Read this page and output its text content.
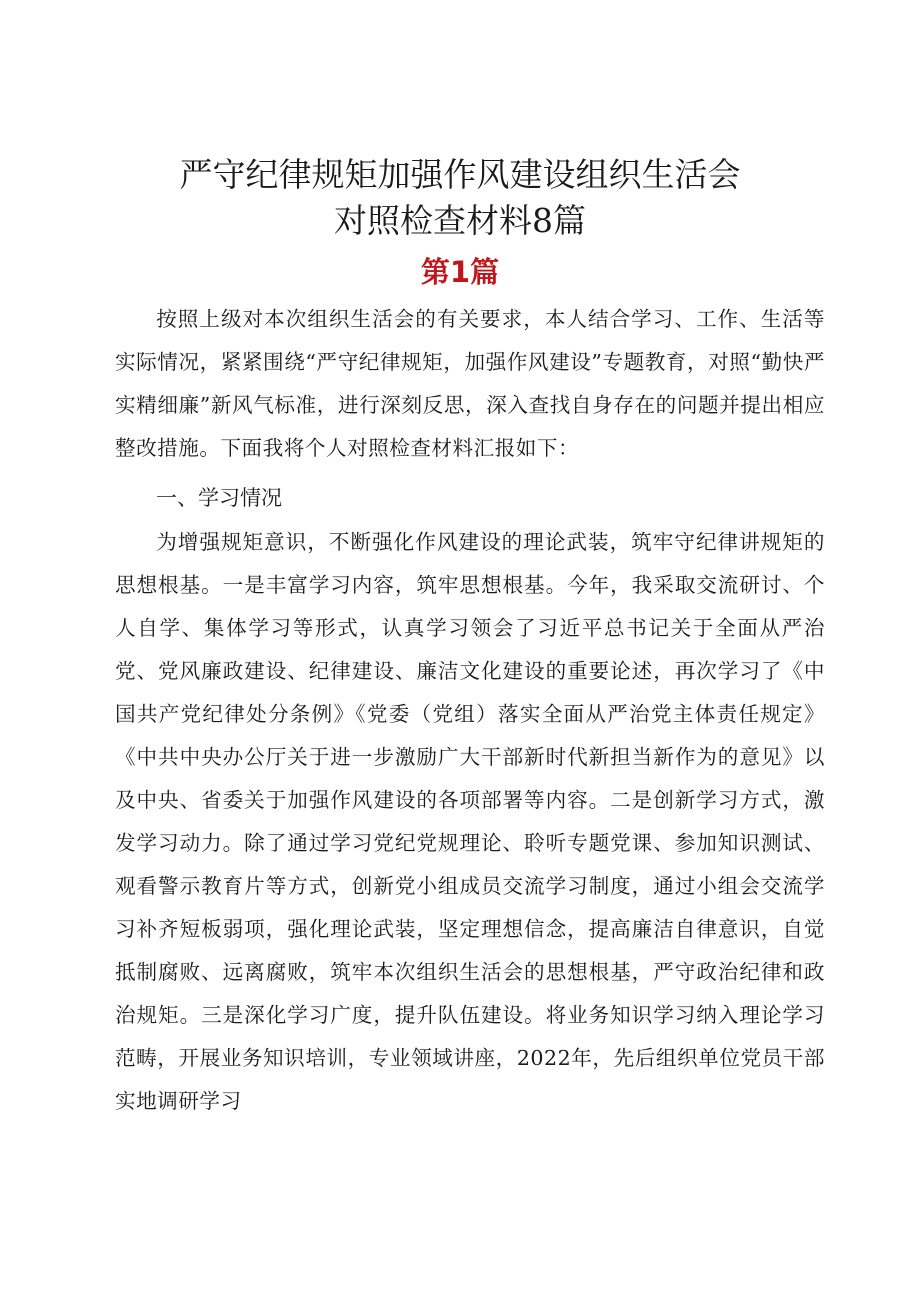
严守纪律规矩加强作风建设组织生活会
对照检查材料8篇
第1篇

按照上级对本次组织生活会的有关要求，本人结合学习、工作、生活等实际情况，紧紧围绕“严守纪律规矩，加强作风建设”专题教育，对照“勤快严实精细廉”新风气标准，进行深刻反思，深入查找自身存在的问题并提出相应整改措施。下面我将个人对照检查材料汇报如下：

一、学习情况

为增强规矩意识，不断强化作风建设的理论武装，筑牢守纪律讲规矩的思想根基。一是丰富学习内容，筑牢思想根基。今年，我采取交流研讨、个人自学、集体学习等形式，认真学习领会了习近平总书记关于全面从严治党、党风廉政建设、纪律建设、廉洁文化建设的重要论述，再次学习了《中国共产党纪律处分条例》《党委（党组）落实全面从严治党主体责任规定》《中共中央办公厅关于进一步激励广大干部新时代新担当新作为的意见》以及中央、省委关于加强作风建设的各项部署等内容。二是创新学习方式，激发学习动力。除了通过学习党纪党规理论、聆听专题党课、参加知识测试、观看警示教育片等方式，创新党小组成员交流学习制度，通过小组会交流学习补齐短板弱项，强化理论武装，坚定理想信念，提高廉洁自律意识，自觉抵制腐败、远离腐败，筑牢本次组织生活会的思想根基，严守政治纪律和政治规矩。三是深化学习广度，提升队伍建设。将业务知识学习纳入理论学习范畴，开展业务知识培训，专业领域讲座，2022年，先后组织单位党员干部实地调研学习
